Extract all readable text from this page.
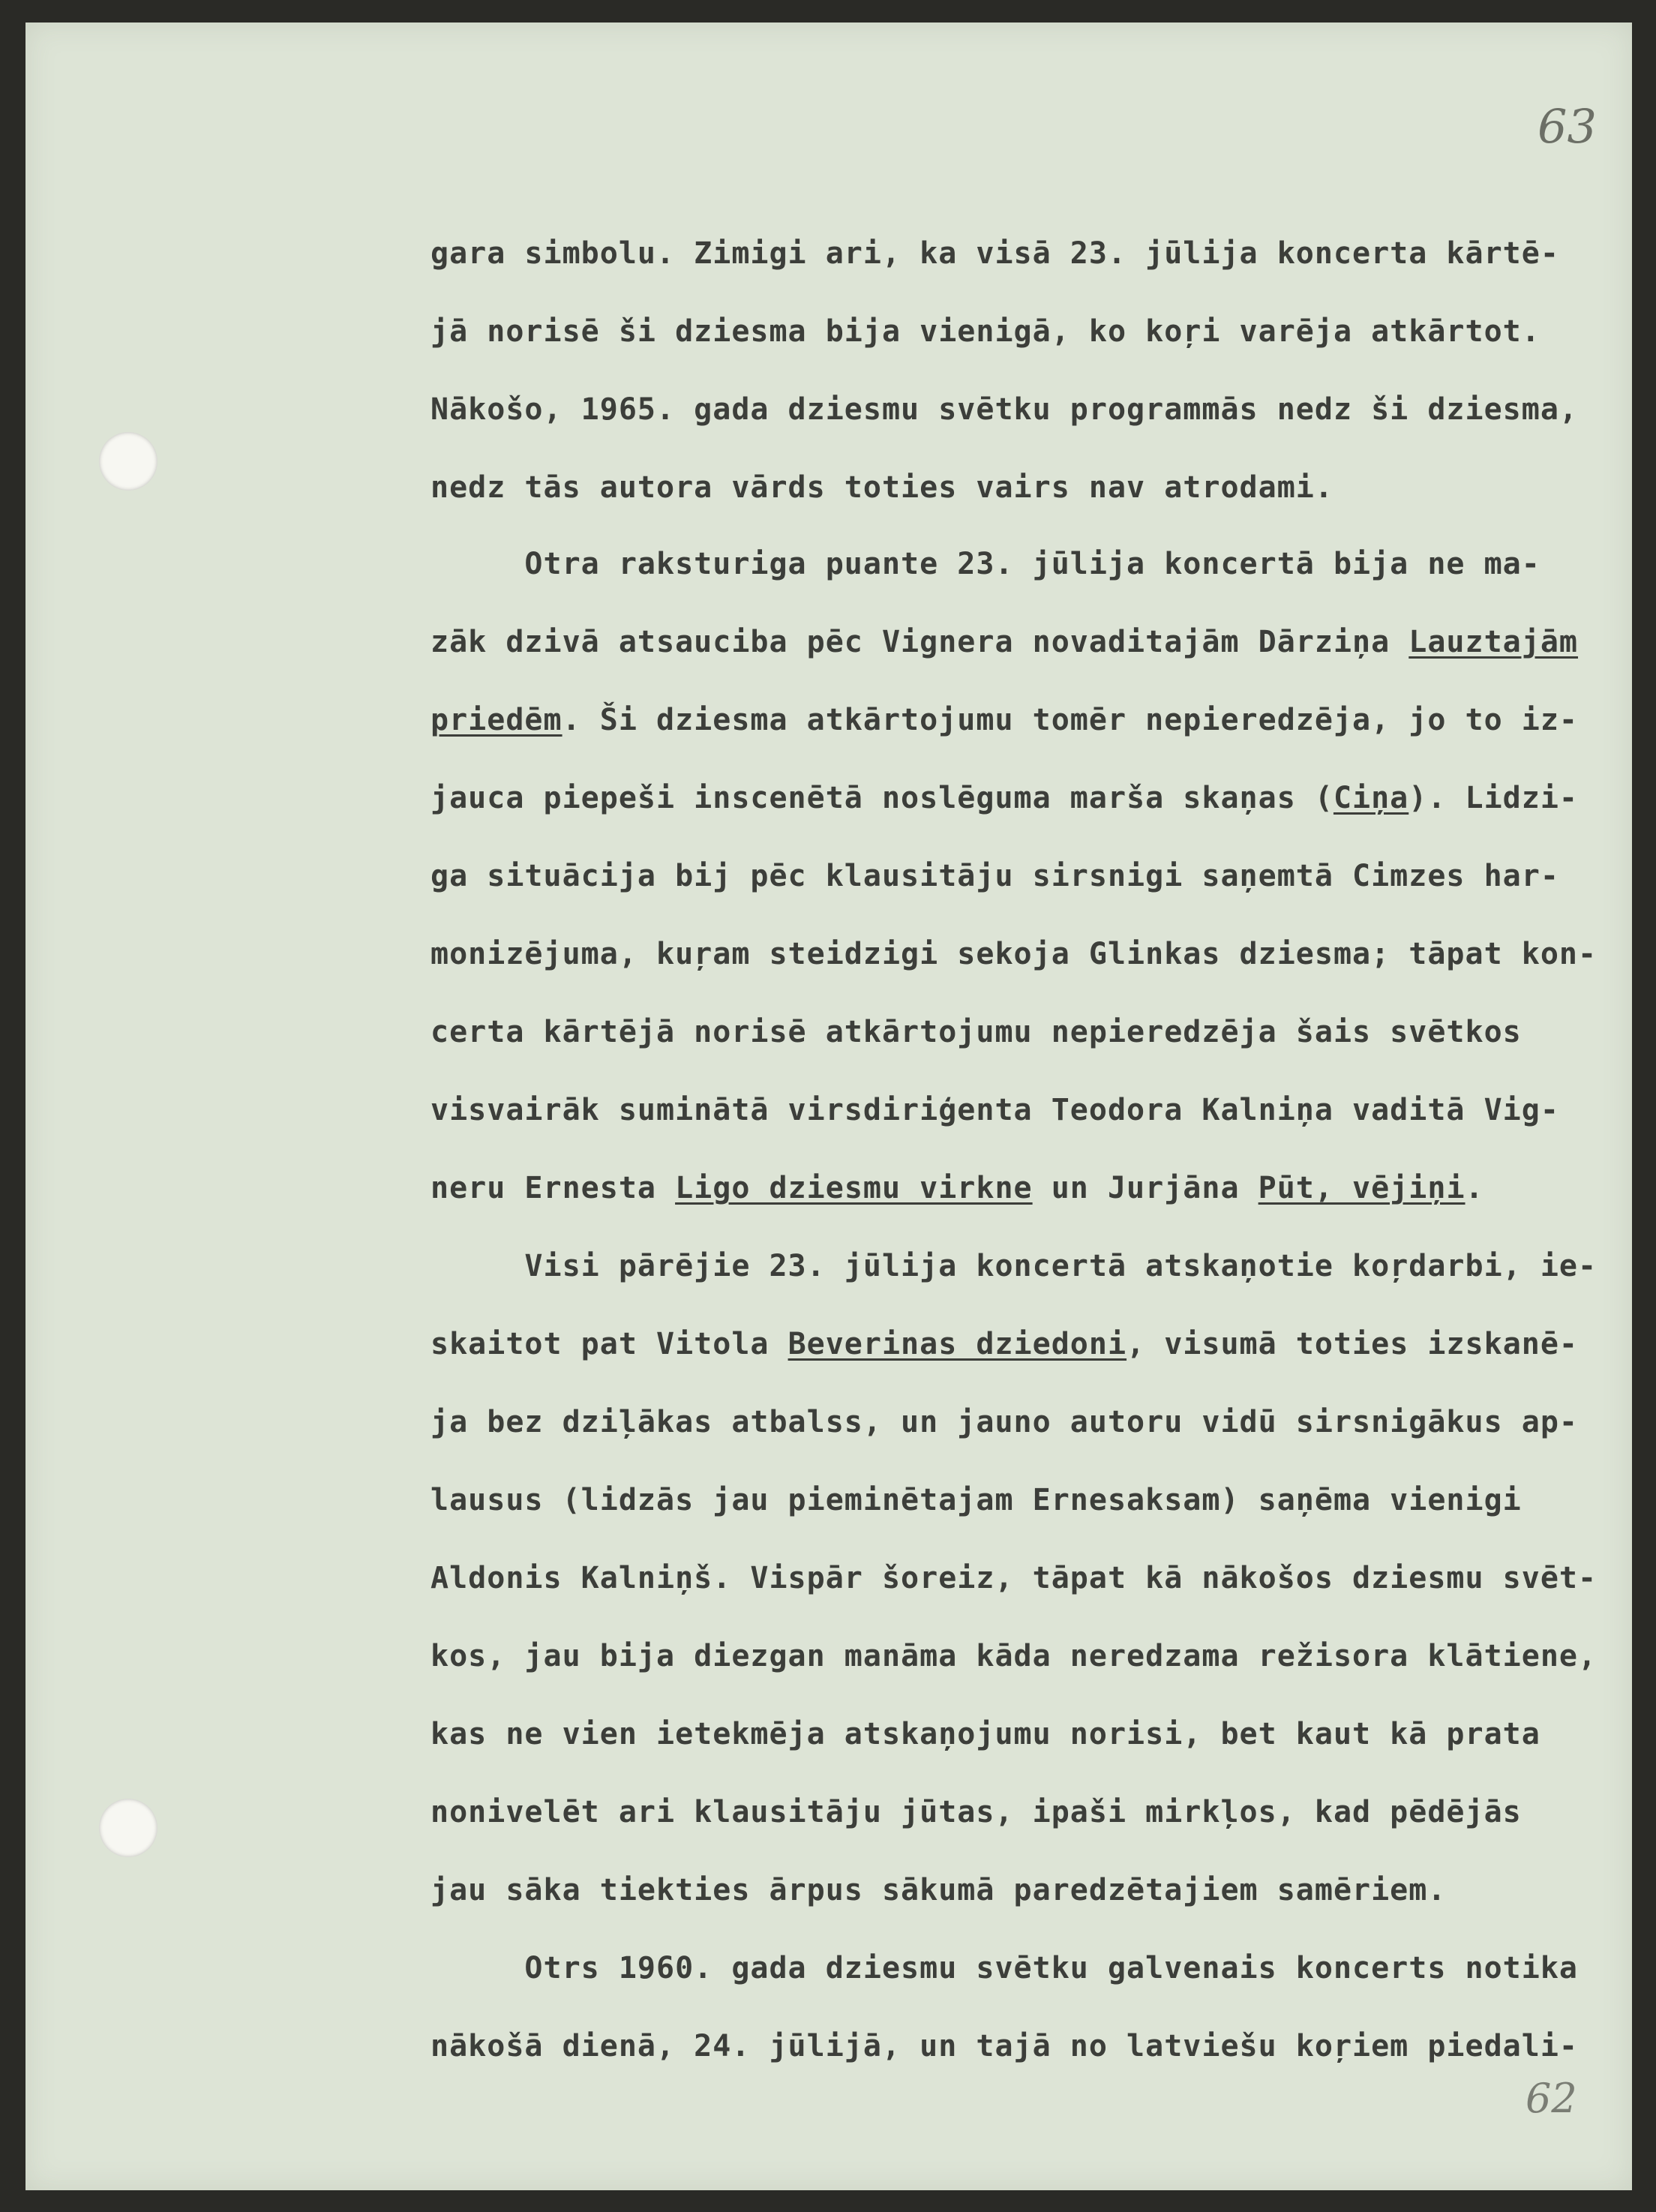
63
62
gara simbolu. Zimigi ari, ka visā 23. jūlija koncerta kārtē-
jā norisē ši dziesma bija vienigā, ko koŗi varēja atkārtot.
Nākošo, 1965. gada dziesmu svētku programmās nedz ši dziesma,
nedz tās autora vārds toties vairs nav atrodami.
Otra raksturiga puante 23. jūlija koncertā bija ne ma-
zāk dzivā atsauciba pēc Vignera novaditajām Dārziņa Lauztajām
priedēm. Ši dziesma atkārtojumu tomēr nepieredzēja, jo to iz-
jauca piepeši inscenētā noslēguma marša skaņas (Ciņa). Lidzi-
ga situācija bij pēc klausitāju sirsnigi saņemtā Cimzes har-
monizējuma, kuŗam steidzigi sekoja Glinkas dziesma; tāpat kon-
certa kārtējā norisē atkārtojumu nepieredzēja šais svētkos
visvairāk suminātā virsdiriģenta Teodora Kalniņa vaditā Vig-
neru Ernesta Ligo dziesmu virkne un Jurjāna Pūt, vējiņi.
Visi pārējie 23. jūlija koncertā atskaņotie koŗdarbi, ie-
skaitot pat Vitola Beverinas dziedoni, visumā toties izskanē-
ja bez dziļākas atbalss, un jauno autoru vidū sirsnigākus ap-
lausus (lidzās jau pieminētajam Ernesaksam) saņēma vienigi
Aldonis Kalniņš. Vispār šoreiz, tāpat kā nākošos dziesmu svēt-
kos, jau bija diezgan manāma kāda neredzama režisora klātiene,
kas ne vien ietekmēja atskaņojumu norisi, bet kaut kā prata
nonivelēt ari klausitāju jūtas, ipaši mirkļos, kad pēdējās
jau sāka tiekties ārpus sākumā paredzētajiem samēriem.
Otrs 1960. gada dziesmu svētku galvenais koncerts notika
nākošā dienā, 24. jūlijā, un tajā no latviešu koŗiem piedali-
